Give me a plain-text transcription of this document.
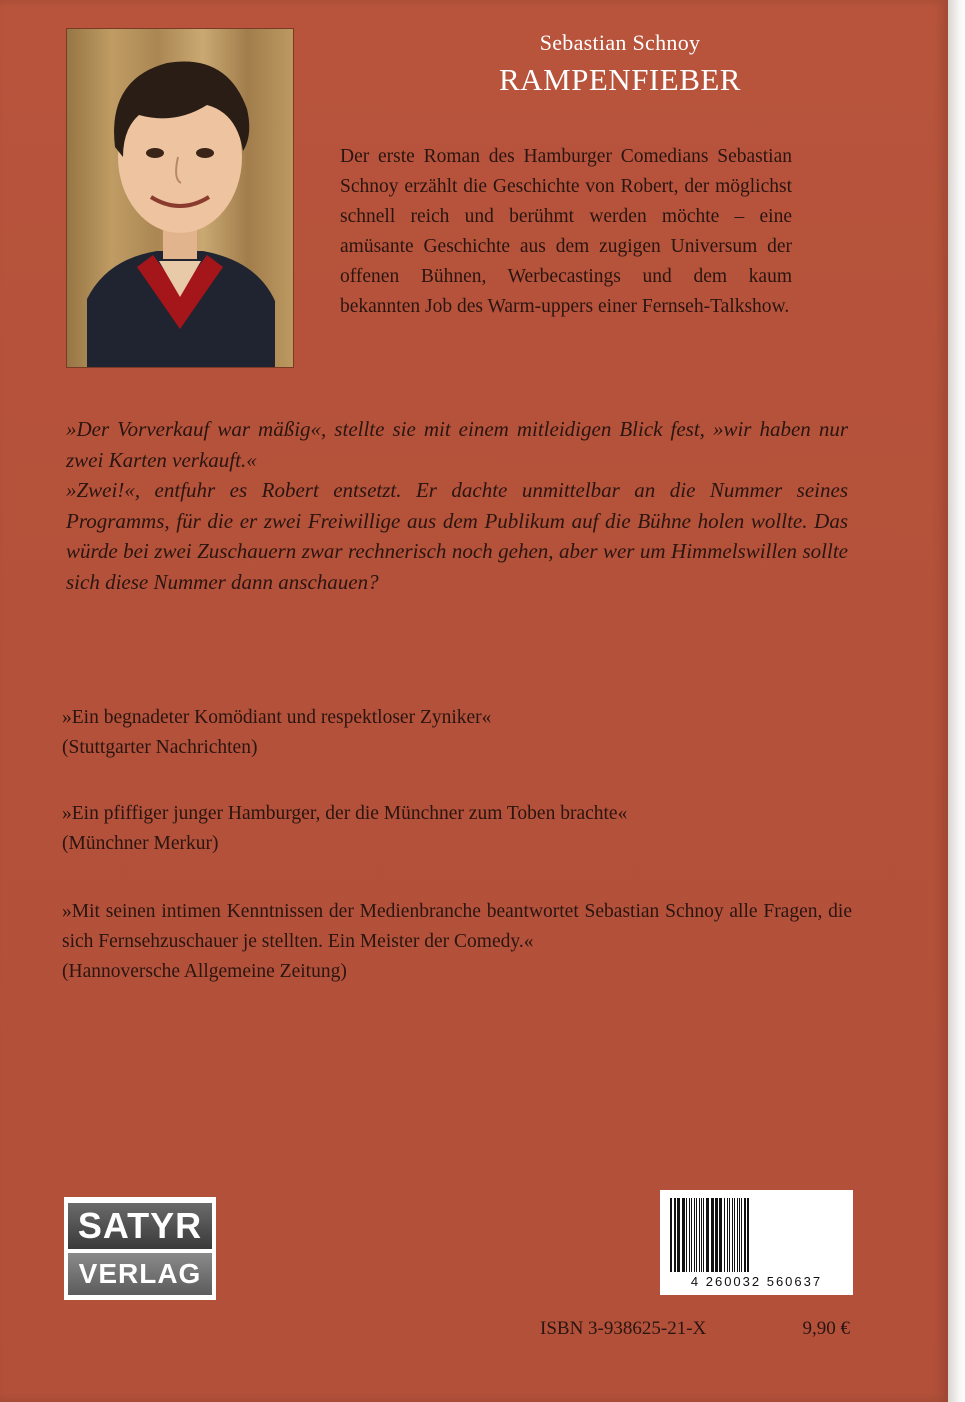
Sebastian Schnoy
RAMPENFIEBER

Der erste Roman des Hamburger Comedians Sebastian Schnoy erzählt die Geschichte von Robert, der möglichst schnell reich und berühmt werden möchte – eine amüsante Geschichte aus dem zugigen Universum der offenen Bühnen, Werbecastings und dem kaum bekannten Job des Warm-uppers einer Fernseh-Talkshow.

»Der Vorverkauf war mäßig«, stellte sie mit einem mitleidigen Blick fest, »wir haben nur zwei Karten verkauft.«

»Zwei!«, entfuhr es Robert entsetzt. Er dachte unmittelbar an die Nummer seines Programms, für die er zwei Freiwillige aus dem Publikum auf die Bühne holen wollte. Das würde bei zwei Zuschauern zwar rechnerisch noch gehen, aber wer um Himmelswillen sollte sich diese Nummer dann anschauen?

»Ein begnadeter Komödiant und respektloser Zyniker«
(Stuttgarter Nachrichten)
»Ein pfiffiger junger Hamburger, der die Münchner zum Toben brachte«
(Münchner Merkur)
»Mit seinen intimen Kenntnissen der Medienbranche beantwortet Sebastian Schnoy alle Fragen, die sich Fernsehzuschauer je stellten. Ein Meister der Comedy.«
(Hannoversche Allgemeine Zeitung)
SATYR
VERLAG	4 260032 560637
ISBN 3-938625-21-X	9,90 €
